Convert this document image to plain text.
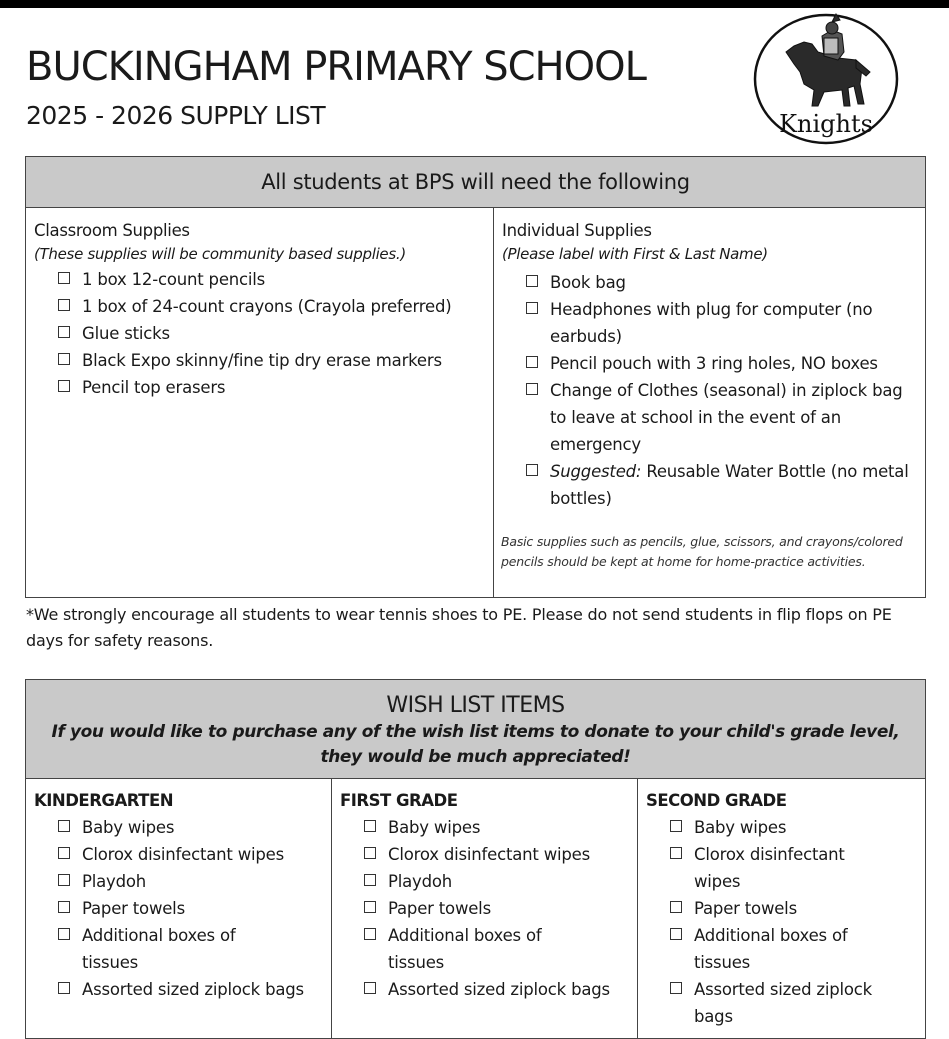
BUCKINGHAM PRIMARY SCHOOL
2025 - 2026 SUPPLY LIST	Knights
All students at BPS will need the following
Classroom Supplies
(These supplies will be community based supplies.)
1 box 12-count pencils
1 box of 24-count crayons (Crayola preferred)
Glue sticks
Black Expo skinny/fine tip dry erase markers
Pencil top erasers
Individual Supplies
(Please label with First & Last Name)
Book bag
Headphones with plug for computer (no earbuds)
Pencil pouch with 3 ring holes, NO boxes
Change of Clothes (seasonal) in ziplock bag to leave at school in the event of an emergency
Suggested: Reusable Water Bottle (no metal bottles)
Basic supplies such as pencils, glue, scissors, and crayons/colored pencils should be kept at home for home-practice activities.
*We strongly encourage all students to wear tennis shoes to PE. Please do not send students in flip flops on PE days for safety reasons.
WISH LIST ITEMS
If you would like to purchase any of the wish list items to donate to your child's grade level, they would be much appreciated!
KINDERGARTEN
Baby wipes
Clorox disinfectant wipes
Playdoh
Paper towels
Additional boxes of tissues
Assorted sized ziplock bags
FIRST GRADE
Baby wipes
Clorox disinfectant wipes
Playdoh
Paper towels
Additional boxes of tissues
Assorted sized ziplock bags
SECOND GRADE
Baby wipes
Clorox disinfectant wipes
Paper towels
Additional boxes of tissues
Assorted sized ziplock bags
